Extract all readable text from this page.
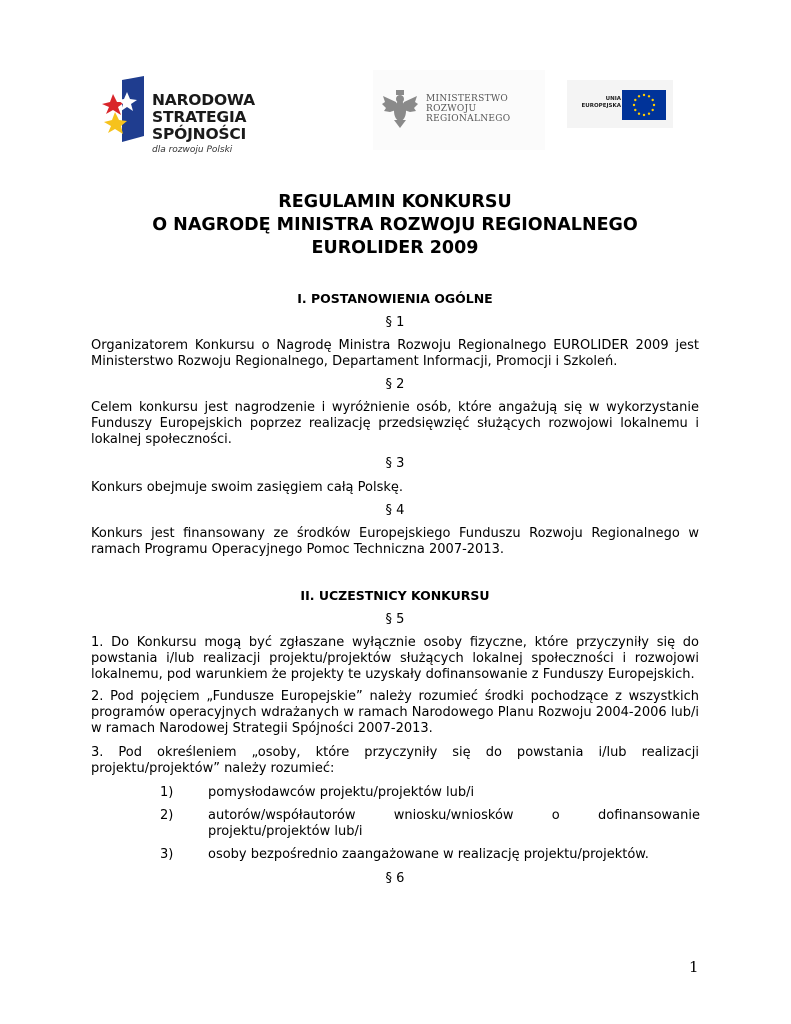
NARODOWA
STRATEGIA SPÓJNOŚCI
dla rozwoju Polski
MINISTERSTWO
ROZWOJU
REGIONALNEGO
UNIA
EUROPEJSKA
REGULAMIN KONKURSU
O NAGRODĘ MINISTRA ROZWOJU REGIONALNEGO
EUROLIDER 2009
I. POSTANOWIENIA OGÓLNE
§ 1
Organizatorem Konkursu o Nagrodę Ministra Rozwoju Regionalnego EUROLIDER 2009 jest Ministerstwo Rozwoju Regionalnego, Departament Informacji, Promocji i Szkoleń.
§ 2
Celem konkursu jest nagrodzenie i wyróżnienie osób, które angażują się w wykorzystanie Funduszy Europejskich poprzez realizację przedsięwzięć służących rozwojowi lokalnemu i lokalnej społeczności.
§ 3
Konkurs obejmuje swoim zasięgiem całą Polskę.
§ 4
Konkurs jest finansowany ze środków Europejskiego Funduszu Rozwoju Regionalnego w ramach Programu Operacyjnego Pomoc Techniczna 2007-2013.
II. UCZESTNICY KONKURSU
§ 5
1. Do Konkursu mogą być zgłaszane wyłącznie osoby fizyczne, które przyczyniły się do powstania i/lub realizacji projektu/projektów służących lokalnej społeczności i rozwojowi lokalnemu, pod warunkiem że projekty te uzyskały dofinansowanie z Funduszy Europejskich.
2. Pod pojęciem „Fundusze Europejskie” należy rozumieć środki pochodzące z wszystkich programów operacyjnych wdrażanych w ramach Narodowego Planu Rozwoju 2004-2006 lub/i w ramach Narodowej Strategii Spójności 2007-2013.
3. Pod określeniem „osoby, które przyczyniły się do powstania i/lub realizacji projektu/projektów” należy rozumieć:
1)	pomysłodawców projektu/projektów lub/i
2)	autorów/współautorów wniosku/wniosków o dofinansowanie projektu/projektów lub/i
3)	osoby bezpośrednio zaangażowane w realizację projektu/projektów.
§ 6
1
